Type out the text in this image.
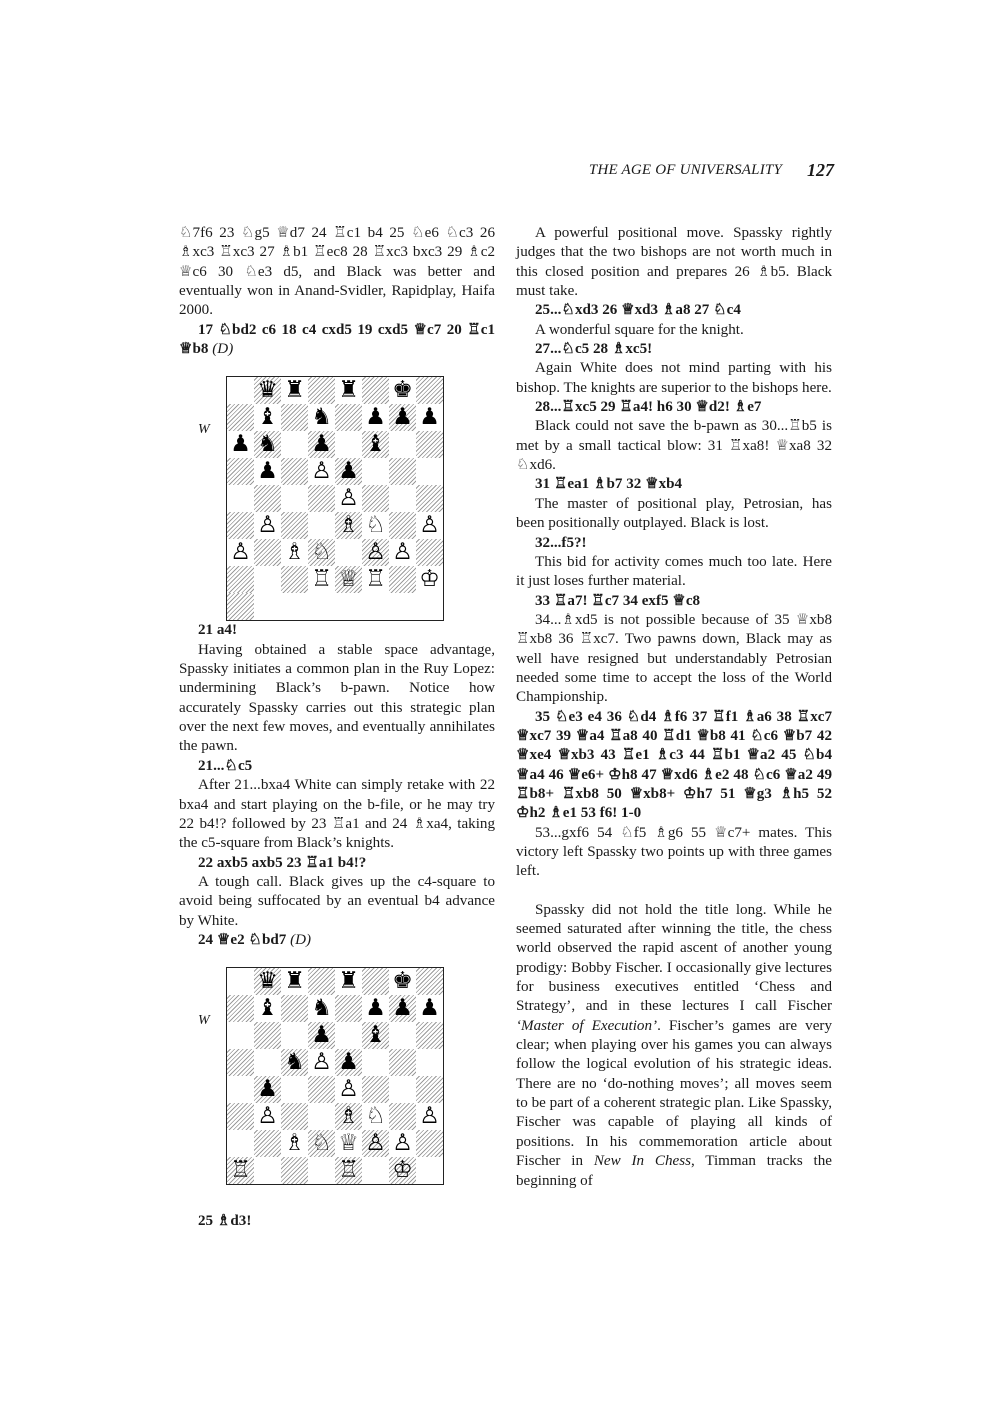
THE AGE OF UNIVERSALITY 127

♘7f6 23 ♘g5 ♕d7 24 ♖c1 b4 25 ♘e6 ♘c3 26 ♗xc3 ♖xc3 27 ♗b1 ♖ec8 28 ♖xc3 bxc3 29 ♗c2 ♕c6 30 ♘e3 d5, and Black was better and eventually won in Anand-Svidler, Rapidplay, Haifa 2000.

17 ♘bd2 c6 18 c4 cxd5 19 cxd5 ♕c7 20 ♖c1 ♕b8 (D)

W
♛ ♜ ♜ ♚
♝ ♞ ♟ ♟ ♟
♟ ♞ ♟ ♝
♟ ♙ ♟
♙
♙	♗ ♘ ♙
♙ ♗ ♘ ♙ ♙
♖ ♕ ♖ ♔

21 a4!

Having obtained a stable space advantage, Spassky initiates a common plan in the Ruy Lopez: undermining Black’s b-pawn. Notice how accurately Spassky carries out this strategic plan over the next few moves, and eventually annihilates the pawn.

21...♘c5

After 21...bxa4 White can simply retake with 22 bxa4 and start playing on the b-file, or he may try 22 b4!? followed by 23 ♖a1 and 24 ♗xa4, taking the c5-square from Black’s knights.

22 axb5 axb5 23 ♖a1 b4!?

A tough call. Black gives up the c4-square to avoid being suffocated by an eventual b4 advance by White.

24 ♕e2 ♘bd7 (D)

W
♛ ♜ ♜ ♚
♝ ♞ ♟ ♟ ♟
♟ ♝
♞ ♙ ♟
♟	♙
♙	♗ ♘ ♙
♗ ♘ ♕ ♙ ♙
♖	♖ ♔

25 ♗d3!

A powerful positional move. Spassky rightly judges that the two bishops are not worth much in this closed position and prepares 26 ♗b5. Black must take.

25...♘xd3 26 ♕xd3 ♗a8 27 ♘c4

A wonderful square for the knight.

27...♘c5 28 ♗xc5!

Again White does not mind parting with his bishop. The knights are superior to the bishops here.

28...♖xc5 29 ♖a4! h6 30 ♕d2! ♗e7

Black could not save the b-pawn as 30...♖b5 is met by a small tactical blow: 31 ♖xa8! ♕xa8 32 ♘xd6.

31 ♖ea1 ♗b7 32 ♕xb4

The master of positional play, Petrosian, has been positionally outplayed. Black is lost.

32...f5?!

This bid for activity comes much too late. Here it just loses further material.

33 ♖a7! ♖c7 34 exf5 ♕c8

34...♗xd5 is not possible because of 35 ♕xb8 ♖xb8 36 ♖xc7. Two pawns down, Black may as well have resigned but understandably Petrosian needed some time to accept the loss of the World Championship.

35 ♘e3 e4 36 ♘d4 ♗f6 37 ♖f1 ♗a6 38 ♖xc7 ♕xc7 39 ♕a4 ♖a8 40 ♖d1 ♕b8 41 ♘c6 ♕b7 42 ♕xe4 ♕xb3 43 ♖e1 ♗c3 44 ♖b1 ♕a2 45 ♘b4 ♕a4 46 ♕e6+ ♔h8 47 ♕xd6 ♗e2 48 ♘c6 ♕a2 49 ♖b8+ ♖xb8 50 ♕xb8+ ♔h7 51 ♕g3 ♗h5 52 ♔h2 ♗e1 53 f6! 1-0

53...gxf6 54 ♘f5 ♗g6 55 ♕c7+ mates. This victory left Spassky two points up with three games left.

Spassky did not hold the title long. While he seemed saturated after winning the title, the chess world observed the rapid ascent of another young prodigy: Bobby Fischer. I occasionally give lectures for business executives entitled ‘Chess and Strategy’, and in these lectures I call Fischer ‘Master of Execution’. Fischer’s games are very clear; when playing over his games you can always follow the logical evolution of his strategic ideas. There are no ‘do-nothing moves’; all moves seem to be part of a coherent strategic plan. Like Spassky, Fischer was capable of playing all kinds of positions. In his commemoration article about Fischer in New In Chess, Timman tracks the beginning of
